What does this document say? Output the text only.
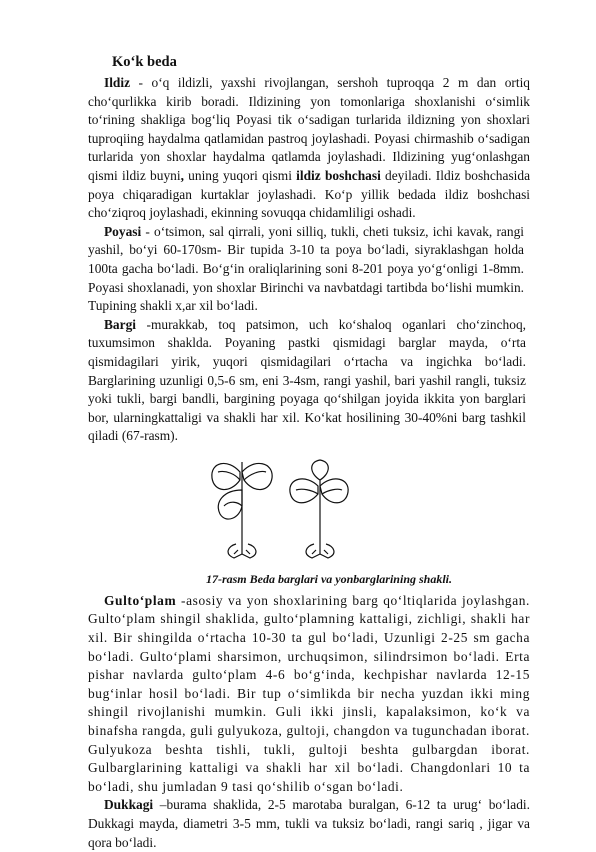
Ko‘k beda

Ildiz - o‘q ildizli, yaxshi rivojlangan, sershoh tuproqqa 2 m dan ortiq cho‘qurlikka kirib boradi. Ildizining yon tomonlariga shoxlanishi o‘simlik to‘rining shakliga bog‘liq Poyasi tik o‘sadigan turlarida ildizning yon shoxlari tuproqiing haydalma qatlamidan pastroq joylashadi. Poyasi chirmashib o‘sadigan turlarida yon shoxlar haydalma qatlamda joylashadi. Ildizining yug‘onlashgan qismi ildiz buyni, uning yuqori qismi ildiz boshchasi deyiladi. Ildiz boshchasida poya chiqaradigan kurtaklar joylashadi. Ko‘p yillik bedada ildiz boshchasi cho‘ziqroq joylashadi, ekinning sovuqqa chidamliligi oshadi.

Poyasi - o‘tsimon, sal qirrali, yoni silliq, tukli, cheti tuksiz, ichi kavak, rangi yashil, bo‘yi 60-170sm- Bir tupida 3-10 ta poya bo‘ladi, siyraklashgan holda 100ta gacha bo‘ladi. Bo‘g‘in oraliqlarining soni 8-201 poya yo‘g‘onligi 1-8mm. Poyasi shoxlanadi, yon shoxlar Birinchi va navbatdagi tartibda bo‘lishi mumkin. Tupining shakli x,ar xil bo‘ladi.

Bargi -murakkab, toq patsimon, uch ko‘shaloq oganlari cho‘zinchoq, tuxumsimon shaklda. Poyaning pastki qismidagi barglar mayda, o‘rta qismidagilari yirik, yuqori qismidagilari o‘rtacha va ingichka bo‘ladi. Barglarining uzunligi 0,5-6 sm, eni 3-4sm, rangi yashil, bari yashil rangli, tuksiz yoki tukli, bargi bandli, bargining poyaga qo‘shilgan joyida ikkita yon barglari bor, ularningkattaligi va shakli har xil. Ko‘kat hosilining 30-40%ni barg tashkil qiladi (67-rasm).

17-rasm Beda barglari va yonbarglarining shakli.

Gulto‘plam -asosiy va yon shoxlarining barg qo‘ltiqlarida joylashgan. Gulto‘plam shingil shaklida, gulto‘plamning kattaligi, zichligi, shakli har xil. Bir shingilda o‘rtacha 10-30 ta gul bo‘ladi, Uzunligi 2-25 sm gacha bo‘ladi. Gulto‘plami sharsimon, urchuqsimon, silindrsimon bo‘ladi. Erta pishar navlarda gulto‘plam 4-6 bo‘g‘inda, kechpishar navlarda 12-15 bug‘inlar hosil bo‘ladi. Bir tup o‘simlikda bir necha yuzdan ikki ming shingil rivojlanishi mumkin. Guli ikki jinsli, kapalaksimon, ko‘k va binafsha rangda, guli gulyukoza, gultoji, changdon va tugunchadan iborat. Gulyukoza beshta tishli, tukli, gultoji beshta gulbargdan iborat. Gulbarglarining kattaligi va shakli har xil bo‘ladi. Changdonlari 10 ta bo‘ladi, shu jumladan 9 tasi qo‘shilib o‘sgan bo‘ladi.

Dukkagi –burama shaklida, 2-5 marotaba buralgan, 6-12 ta urug‘ bo‘ladi. Dukkagi mayda, diametri 3-5 mm, tukli va tuksiz bo‘ladi, rangi sariq , jigar va qora bo‘ladi.
